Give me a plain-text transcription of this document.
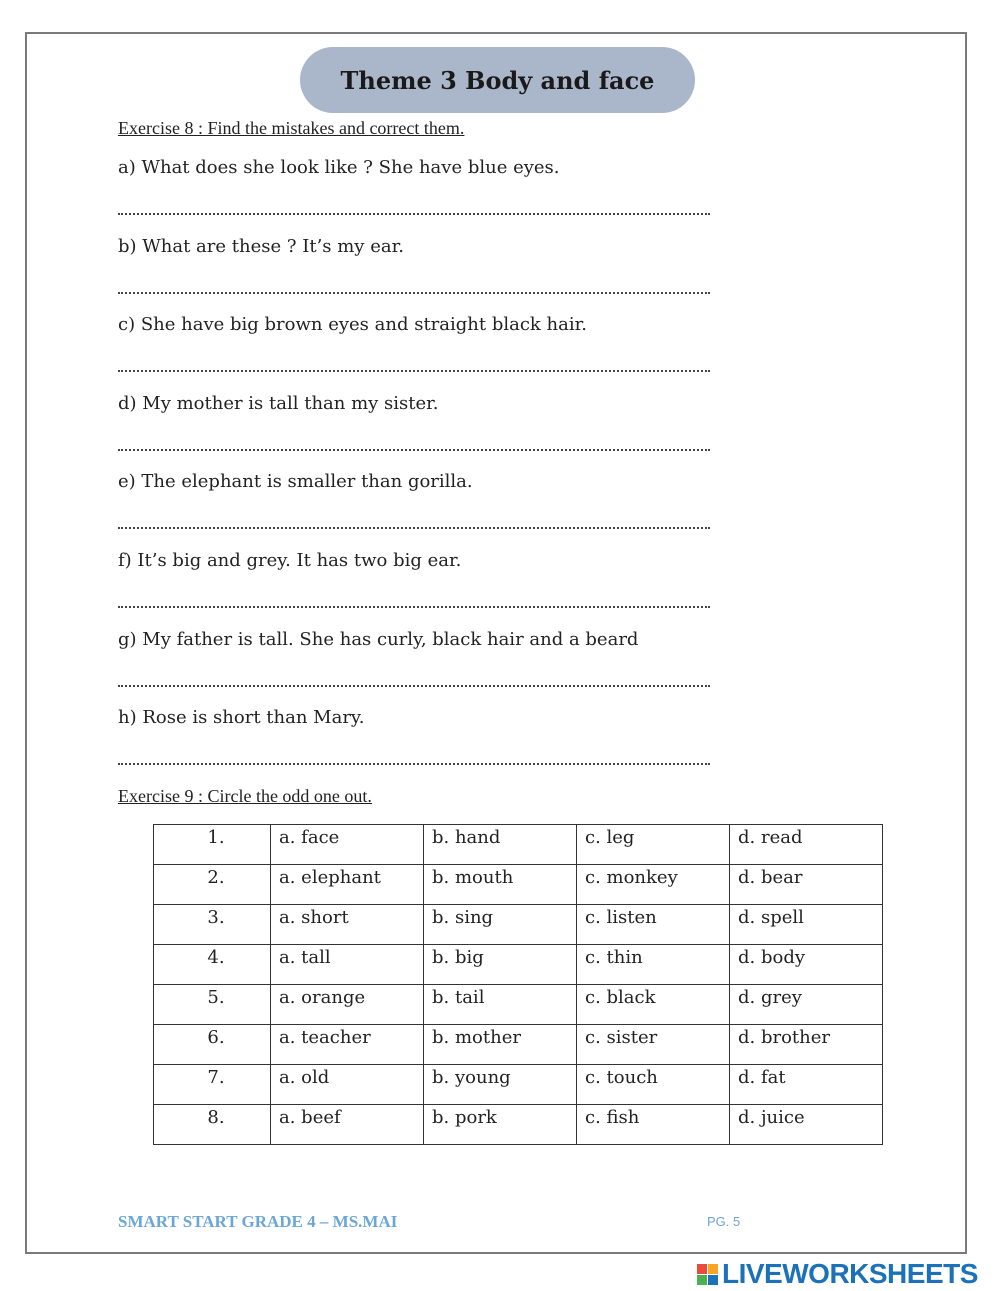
Theme 3 Body and face
Exercise 8 : Find the mistakes and correct them.
a) What does she look like ? She have blue eyes.
b) What are these ? It’s my ear.
c) She have big brown eyes and straight black hair.
d) My mother is tall than my sister.
e) The elephant is smaller than gorilla.
f) It’s big and grey. It has two big ear.
g) My father is tall. She has curly, black hair and a beard
h) Rose is short than Mary.
Exercise 9 : Circle the odd one out.
1.	a. face	b. hand	c. leg	d. read
2.	a. elephant	b. mouth	c. monkey	d. bear
3.	a. short	b. sing	c. listen	d. spell
4.	a. tall	b. big	c. thin	d. body
5.	a. orange	b. tail	c. black	d. grey
6.	a. teacher	b. mother	c. sister	d. brother
7.	a. old	b. young	c. touch	d. fat
8.	a. beef	b. pork	c. fish	d. juice
SMART START GRADE 4 – MS.MAI	PG. 5
LIVEWORKSHEETS
